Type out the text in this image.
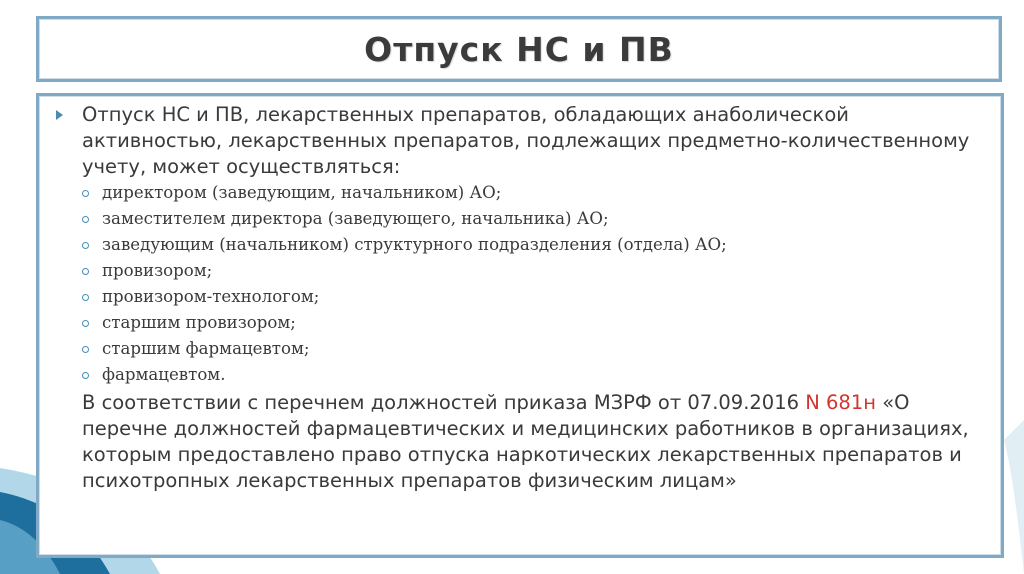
Отпуск НС и ПВ
Отпуск НС и ПВ, лекарственных препаратов, обладающих анаболической активностью, лекарственных препаратов, подлежащих предметно-количественному учету, может осуществляться:
директором (заведующим, начальником) АО;
заместителем директора (заведующего, начальника) АО;
заведующим (начальником) структурного подразделения (отдела) АО;
провизором;
провизором-технологом;
старшим провизором;
старшим фармацевтом;
фармацевтом.
В соответствии с перечнем должностей приказа МЗРФ от 07.09.2016 N 681н «О перечне должностей фармацевтических и медицинских работников в организациях, которым предоставлено право отпуска наркотических лекарственных препаратов и психотропных лекарственных препаратов физическим лицам»
